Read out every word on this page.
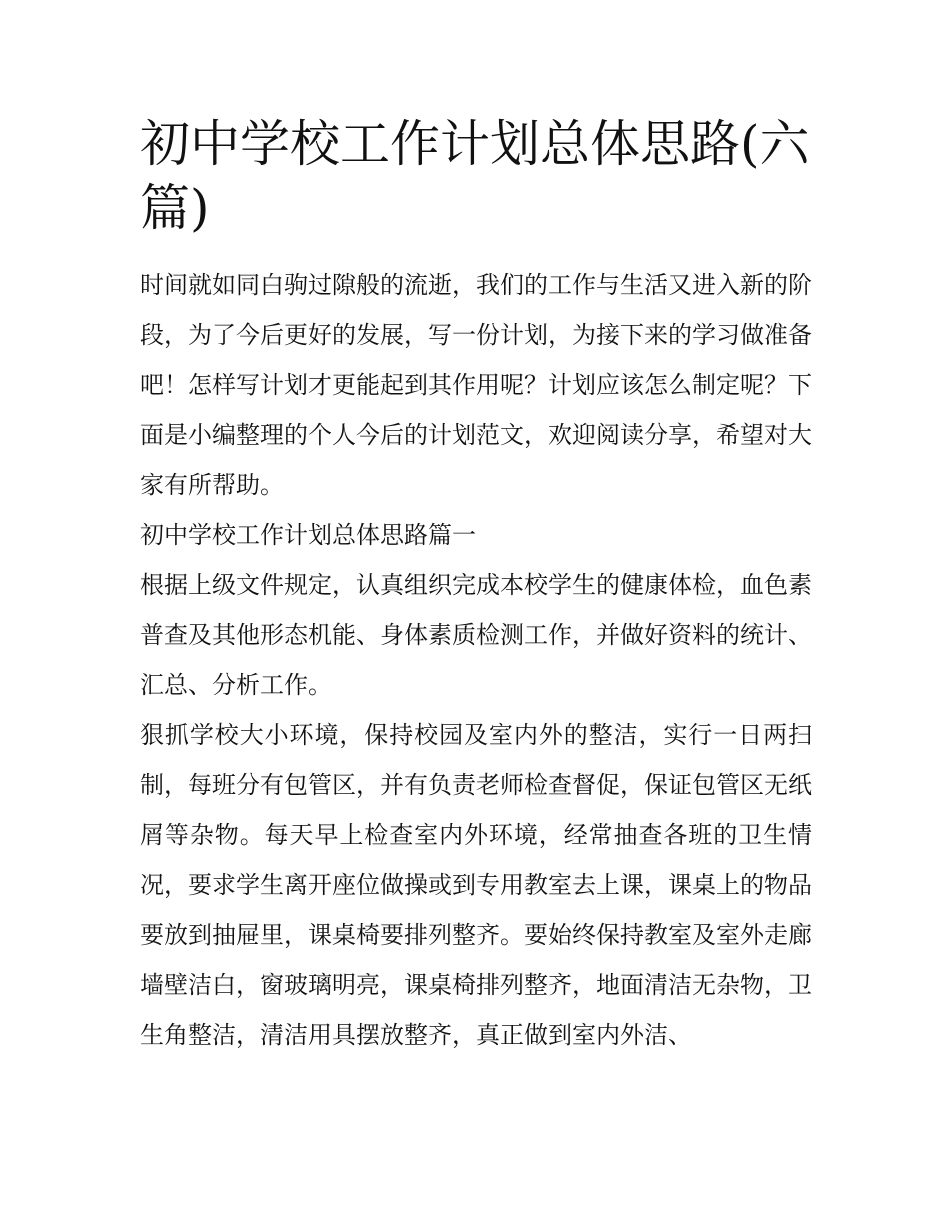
初中学校工作计划总体思路(六篇)

时间就如同白驹过隙般的流逝，我们的工作与生活又进入新的阶段，为了今后更好的发展，写一份计划，为接下来的学习做准备吧！怎样写计划才更能起到其作用呢？计划应该怎么制定呢？下面是小编整理的个人今后的计划范文，欢迎阅读分享，希望对大家有所帮助。

初中学校工作计划总体思路篇一

根据上级文件规定，认真组织完成本校学生的健康体检，血色素普查及其他形态机能、身体素质检测工作，并做好资料的统计、汇总、分析工作。

狠抓学校大小环境，保持校园及室内外的整洁，实行一日两扫制，每班分有包管区，并有负责老师检查督促，保证包管区无纸屑等杂物。每天早上检查室内外环境，经常抽查各班的卫生情况，要求学生离开座位做操或到专用教室去上课，课桌上的物品要放到抽屉里，课桌椅要排列整齐。要始终保持教室及室外走廊墙壁洁白，窗玻璃明亮，课桌椅排列整齐，地面清洁无杂物，卫生角整洁，清洁用具摆放整齐，真正做到室内外洁、
